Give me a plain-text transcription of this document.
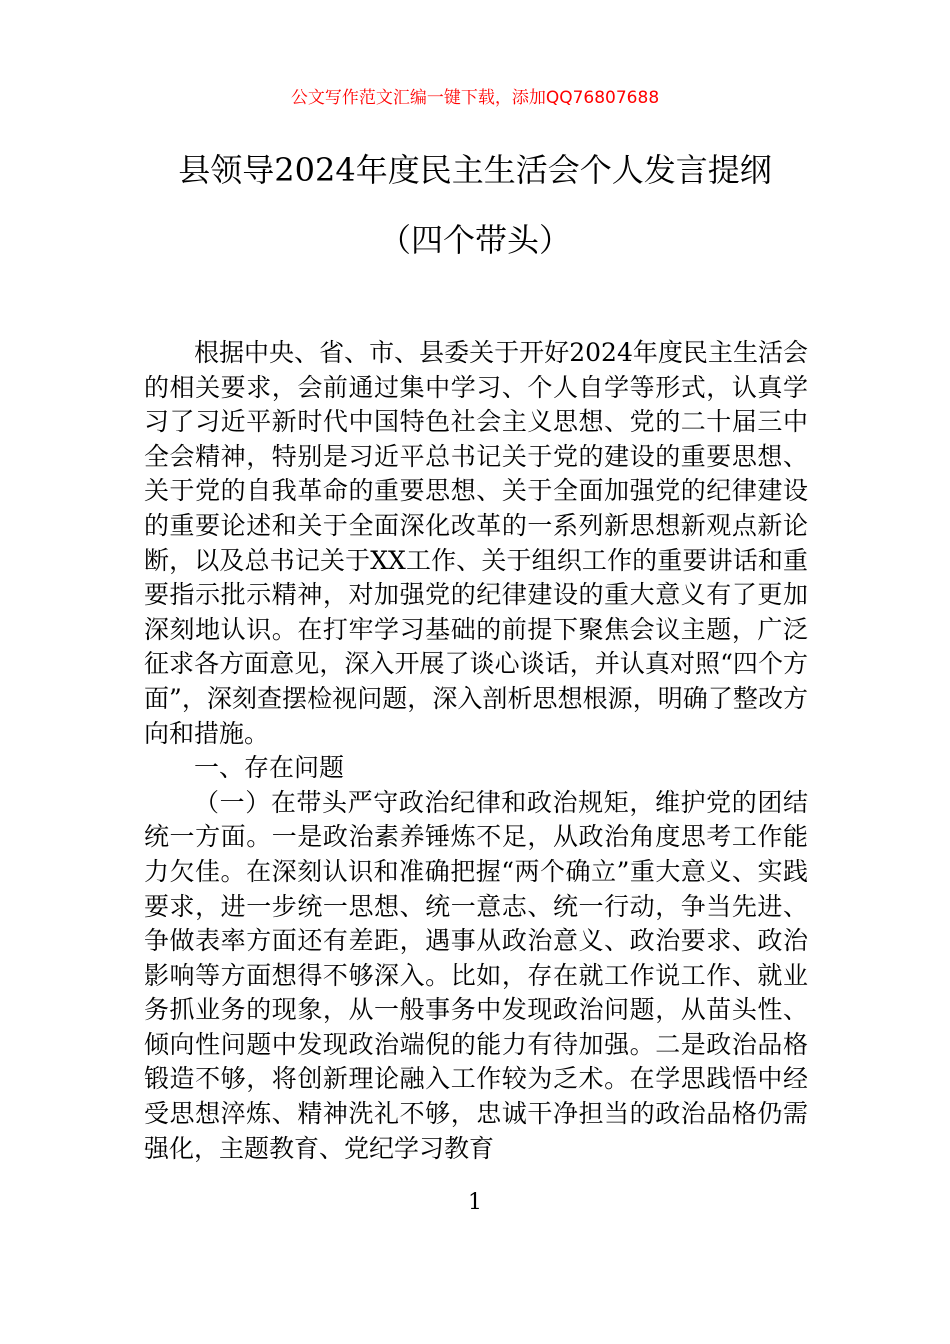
公文写作范文汇编一键下载，添加QQ76807688
县领导2024年度民主生活会个人发言提纲
（四个带头）

根据中央、省、市、县委关于开好2024年度民主生活会的相关要求，会前通过集中学习、个人自学等形式，认真学习了习近平新时代中国特色社会主义思想、党的二十届三中全会精神，特别是习近平总书记关于党的建设的重要思想、关于党的自我革命的重要思想、关于全面加强党的纪律建设的重要论述和关于全面深化改革的一系列新思想新观点新论断，以及总书记关于XX工作、关于组织工作的重要讲话和重要指示批示精神，对加强党的纪律建设的重大意义有了更加深刻地认识。在打牢学习基础的前提下聚焦会议主题，广泛征求各方面意见，深入开展了谈心谈话，并认真对照“四个方面”，深刻查摆检视问题，深入剖析思想根源，明确了整改方向和措施。

一、存在问题

（一）在带头严守政治纪律和政治规矩，维护党的团结统一方面。一是政治素养锤炼不足，从政治角度思考工作能力欠佳。在深刻认识和准确把握“两个确立”重大意义、实践要求，进一步统一思想、统一意志、统一行动，争当先进、争做表率方面还有差距，遇事从政治意义、政治要求、政治影响等方面想得不够深入。比如，存在就工作说工作、就业务抓业务的现象，从一般事务中发现政治问题，从苗头性、倾向性问题中发现政治端倪的能力有待加强。二是政治品格锻造不够，将创新理论融入工作较为乏术。在学思践悟中经受思想淬炼、精神洗礼不够，忠诚干净担当的政治品格仍需强化，主题教育、党纪学习教育

1
